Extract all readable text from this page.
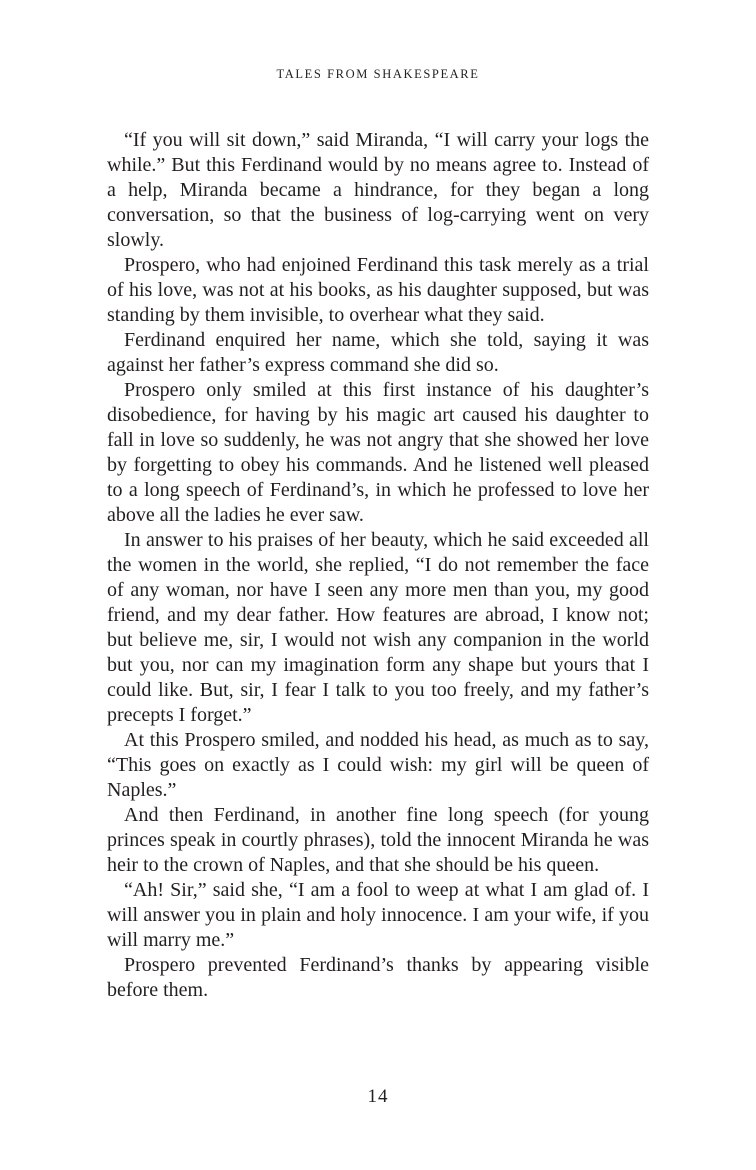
TALES FROM SHAKESPEARE

“If you will sit down,” said Miranda, “I will carry your logs the while.” But this Ferdinand would by no means agree to. Instead of a help, Miranda became a hindrance, for they began a long conversation, so that the business of log-carrying went on very slowly.

Prospero, who had enjoined Ferdinand this task merely as a trial of his love, was not at his books, as his daughter supposed, but was standing by them invisible, to overhear what they said.

Ferdinand enquired her name, which she told, saying it was against her father’s express command she did so.

Prospero only smiled at this first instance of his daughter’s disobedience, for having by his magic art caused his daughter to fall in love so suddenly, he was not angry that she showed her love by forgetting to obey his commands. And he listened well pleased to a long speech of Ferdinand’s, in which he professed to love her above all the ladies he ever saw.

In answer to his praises of her beauty, which he said exceeded all the women in the world, she replied, “I do not remember the face of any woman, nor have I seen any more men than you, my good friend, and my dear father. How features are abroad, I know not; but believe me, sir, I would not wish any companion in the world but you, nor can my imagination form any shape but yours that I could like. But, sir, I fear I talk to you too freely, and my father’s precepts I forget.”

At this Prospero smiled, and nodded his head, as much as to say, “This goes on exactly as I could wish: my girl will be queen of Naples.”

And then Ferdinand, in another fine long speech (for young princes speak in courtly phrases), told the innocent Miranda he was heir to the crown of Naples, and that she should be his queen.

“Ah! Sir,” said she, “I am a fool to weep at what I am glad of. I will answer you in plain and holy innocence. I am your wife, if you will marry me.”

Prospero prevented Ferdinand’s thanks by appearing visible before them.

14
